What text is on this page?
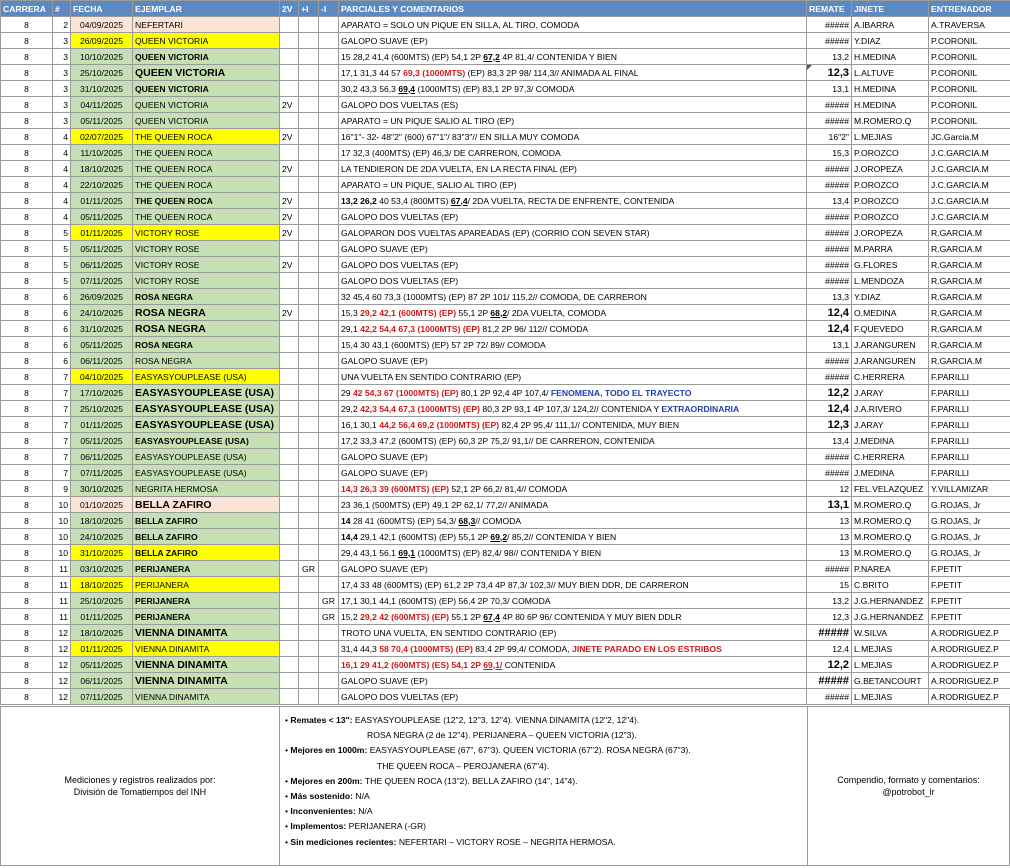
CARRERA	#	FECHA	EJEMPLAR	2V	+I	-I	PARCIALES Y COMENTARIOS	REMATE	JINETE	ENTRENADOR
8	2	04/09/2025	NEFERTARI				APARATO = SOLO UN PIQUE EN SILLA, AL TIRO, COMODA	#####	A.IBARRA	A.TRAVERSA
8	3	26/09/2025	QUEEN VICTORIA				GALOPO SUAVE (EP)	#####	Y.DIAZ	P.CORONIL
8	3	10/10/2025	QUEEN VICTORIA				15 28,2 41,4 (600MTS) (EP) 54,1 2P 67,2 4P 81,4/ CONTENIDA Y BIEN	13,2	H.MEDINA	P.CORONIL
8	3	25/10/2025	QUEEN VICTORIA				17,1 31,3 44 57 69,3 (1000MTS) (EP) 83,3 2P 98/ 114,3// ANIMADA AL FINAL	12,3	L.ALTUVE	P.CORONIL
8	3	31/10/2025	QUEEN VICTORIA				30,2 43,3 56,3 69,4 (1000MTS) (EP) 83,1 2P 97,3/ COMODA	13,1	H.MEDINA	P.CORONIL
8	3	04/11/2025	QUEEN VICTORIA	2V			GALOPO DOS VUELTAS (ES)	#####	H.MEDINA	P.CORONIL
8	3	05/11/2025	QUEEN VICTORIA				APARATO = UN PIQUE SALIO AL TIRO (EP)	#####	M.ROMERO.Q	P.CORONIL
8	4	02/07/2025	THE QUEEN ROCA	2V			16"1"- 32- 48"2" (600) 67"1"/ 83"3"// EN SILLA MUY COMODA	16"2"	L.MEJIAS	JC.Garcia.M
8	4	11/10/2025	THE QUEEN ROCA				17 32,3 (400MTS) (EP) 46,3/ DE CARRERON, COMODA	15,3	P.OROZCO	J.C.GARCIA.M
8	4	18/10/2025	THE QUEEN ROCA	2V			LA TENDIERON DE 2DA VUELTA, EN LA RECTA FINAL (EP)	#####	J.OROPEZA	J.C.GARCIA.M
8	4	22/10/2025	THE QUEEN ROCA				APARATO = UN PIQUE, SALIO AL TIRO (EP)	#####	P.OROZCO	J.C.GARCIA.M
8	4	01/11/2025	THE QUEEN ROCA	2V			13,2 26,2 40 53,4 (800MTS) 67,4/ 2DA VUELTA, RECTA DE ENFRENTE, CONTENIDA	13,4	P.OROZCO	J.C.GARCIA.M
8	4	05/11/2025	THE QUEEN ROCA	2V			GALOPO DOS VUELTAS (EP)	#####	P.OROZCO	J.C.GARCIA.M
8	5	01/11/2025	VICTORY ROSE	2V			GALOPARON DOS VUELTAS APAREADAS (EP) (CORRIO CON SEVEN STAR)	#####	J.OROPEZA	R.GARCIA.M
8	5	05/11/2025	VICTORY ROSE				GALOPO SUAVE (EP)	#####	M.PARRA	R.GARCIA.M
8	5	06/11/2025	VICTORY ROSE	2V			GALOPO DOS VUELTAS (EP)	#####	G.FLORES	R.GARCIA.M
8	5	07/11/2025	VICTORY ROSE				GALOPO DOS VUELTAS (EP)	#####	L.MENDOZA	R.GARCIA.M
8	6	26/09/2025	ROSA NEGRA				32 45,4 60 73,3 (1000MTS) (EP) 87 2P 101/ 115,2// COMODA, DE CARRERON	13,3	Y.DIAZ	R.GARCIA.M
8	6	24/10/2025	ROSA NEGRA	2V			15,3 29,2 42,1 (600MTS) (EP) 55,1 2P 68,2/ 2DA VUELTA, COMODA	12,4	O.MEDINA	R.GARCIA.M
8	6	31/10/2025	ROSA NEGRA				29,1 42,2 54,4 67,3 (1000MTS) (EP) 81,2 2P 96/ 112// COMODA	12,4	F.QUEVEDO	R.GARCIA.M
8	6	05/11/2025	ROSA NEGRA				15,4 30 43,1 (600MTS) (EP) 57 2P 72/ 89// COMODA	13,1	J.ARANGUREN	R.GARCIA.M
8	6	06/11/2025	ROSA NEGRA				GALOPO SUAVE (EP)	#####	J.ARANGUREN	R.GARCIA.M
8	7	04/10/2025	EASYASYOUPLEASE (USA)				UNA VUELTA EN SENTIDO CONTRARIO (EP)	#####	C.HERRERA	F.PARILLI
8	7	17/10/2025	EASYASYOUPLEASE (USA)				29 42 54,3 67 (1000MTS) (EP) 80,1 2P 92,4 4P 107,4/ FENOMENA, TODO EL TRAYECTO	12,2	J.ARAY	F.PARILLI
8	7	25/10/2025	EASYASYOUPLEASE (USA)				29,2 42,3 54,4 67,3 (1000MTS) (EP) 80,3 2P 93,1 4P 107,3/ 124,2// CONTENIDA Y EXTRAORDINARIA	12,4	J.A.RIVERO	F.PARILLI
8	7	01/11/2025	EASYASYOUPLEASE (USA)				16,1 30,1 44,2 56,4 69,2 (1000MTS) (EP) 82,4 2P 95,4/ 111,1// CONTENIDA, MUY BIEN	12,3	J.ARAY	F.PARILLI
8	7	05/11/2025	EASYASYOUPLEASE (USA)				17,2 33,3 47,2 (600MTS) (EP) 60,3 2P 75,2/ 91,1// DE CARRERON, CONTENIDA	13,4	J.MEDINA	F.PARILLI
8	7	06/11/2025	EASYASYOUPLEASE (USA)				GALOPO SUAVE (EP)	#####	C.HERRERA	F.PARILLI
8	7	07/11/2025	EASYASYOUPLEASE (USA)				GALOPO SUAVE (EP)	#####	J.MEDINA	F.PARILLI
8	9	30/10/2025	NEGRITA HERMOSA				14,3 26,3 39 (600MTS) (EP) 52,1 2P 66,2/ 81,4// COMODA	12	FEL.VELAZQUEZ	Y.VILLAMIZAR
8	10	01/10/2025	BELLA ZAFIRO				23 36,1 (500MTS) (EP) 49,1 2P 62,1/ 77,2// ANIMADA	13,1	M.ROMERO.Q	G.ROJAS, Jr
8	10	18/10/2025	BELLA ZAFIRO				14 28 41 (600MTS) (EP) 54,3/ 68,3// COMODA	13	M.ROMERO.Q	G.ROJAS, Jr
8	10	24/10/2025	BELLA ZAFIRO				14,4 29,1 42,1 (600MTS) (EP) 55,1 2P 69,2/ 85,2// CONTENIDA Y BIEN	13	M.ROMERO.Q	G.ROJAS, Jr
8	10	31/10/2025	BELLA ZAFIRO				29,4 43,1 56,1 69,1 (1000MTS) (EP) 82,4/ 98// CONTENIDA Y BIEN	13	M.ROMERO.Q	G.ROJAS, Jr
8	11	03/10/2025	PERIJANERA		GR		GALOPO SUAVE (EP)	#####	P.NAREA	F.PETIT
8	11	18/10/2025	PERIJANERA				17,4 33 48 (600MTS) (EP) 61,2 2P 73,4 4P 87,3/ 102,3// MUY BIEN DDR, DE CARRERON	15	C.BRITO	F.PETIT
8	11	25/10/2025	PERIJANERA			GR	17,1 30,1 44,1 (600MTS) (EP) 56,4 2P 70,3/ COMODA	13,2	J.G.HERNANDEZ	F.PETIT
8	11	01/11/2025	PERIJANERA			GR	15,2 29,2 42 (600MTS) (EP) 55,1 2P 67,4 4P 80 6P 96/ CONTENIDA Y MUY BIEN DDLR	12,3	J.G.HERNANDEZ	F.PETIT
8	12	18/10/2025	VIENNA DINAMITA				TROTO UNA VUELTA, EN SENTIDO CONTRARIO (EP)	#####	W.SILVA	A.RODRIGUEZ.P
8	12	01/11/2025	VIENNA DINAMITA				31,4 44,3 58 70,4 (1000MTS) (EP) 83,4 2P 99,4/ COMODA, JINETE PARADO EN LOS ESTRIBOS	12,4	L.MEJIAS	A.RODRIGUEZ.P
8	12	05/11/2025	VIENNA DINAMITA				16,1 29 41,2 (600MTS) (ES) 54,1 2P 69,1/ CONTENIDA	12,2	L.MEJIAS	A.RODRIGUEZ.P
8	12	06/11/2025	VIENNA DINAMITA				GALOPO SUAVE (EP)	#####	G.BETANCOURT	A.RODRIGUEZ.P
8	12	07/11/2025	VIENNA DINAMITA				GALOPO DOS VUELTAS (EP)	#####	L.MEJIAS	A.RODRIGUEZ.P
Mediciones y registros realizados por:
División de Tomatiempos del INH
• Remates < 13": EASYASYOUPLEASE (12"2, 12"3, 12"4). VIENNA DINAMITA (12"2, 12"4).
ROSA NEGRA (2 de 12"4). PERIJANERA – QUEEN VICTORIA (12"3).
• Mejores en 1000m: EASYASYOUPLEASE (67", 67"3). QUEEN VICTORIA (67"2). ROSA NEGRA (67"3).
THE QUEEN ROCA – PEROJANERA (67"4).
• Mejores en 200m: THE QUEEN ROCA (13"2). BELLA ZAFIRO (14", 14"4).
• Más sostenido: N/A
• Inconvenientes: N/A
• Implementos: PERIJANERA (-GR)
• Sin mediciones recientes: NEFERTARI – VICTORY ROSE – NEGRITA HERMOSA.
Compendio, formato y comentarios:
@potrobot_lr
